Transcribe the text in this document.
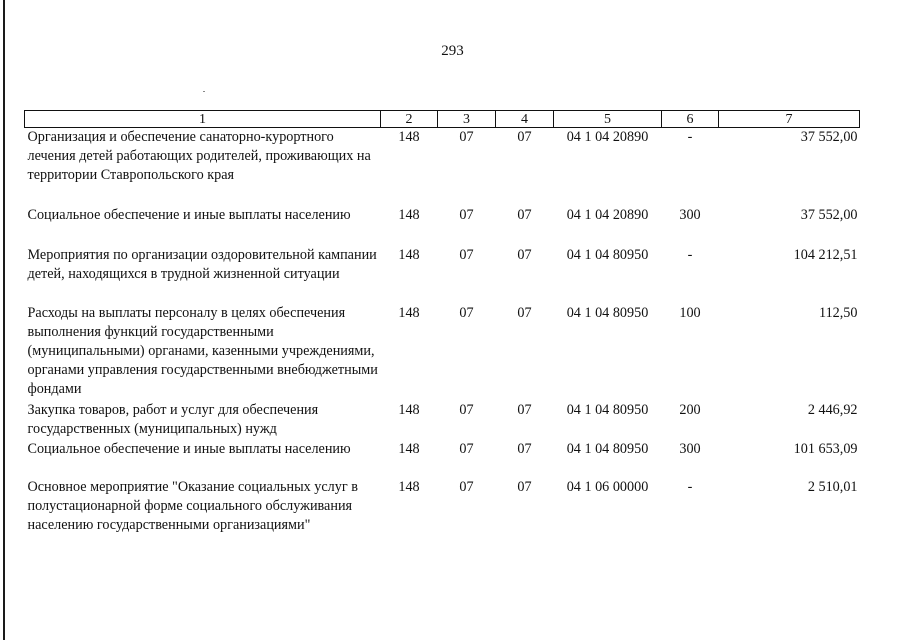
293
1	2	3	4	5	6	7
Организация и обеспечение санаторно-курортного лечения детей работающих родителей, проживающих на территории Ставропольского края	148	07	07	04 1 04 20890	-	37 552,00
Социальное обеспечение и иные выплаты населению	148	07	07	04 1 04 20890	300	37 552,00
Мероприятия по организации оздоровительной кампании детей, находящихся в трудной жизненной ситуации	148	07	07	04 1 04 80950	-	104 212,51
Расходы на выплаты персоналу в целях обеспечения выполнения функций государственными (муниципальными) органами, казенными учреждениями, органами управления государственными внебюджетными фондами	148	07	07	04 1 04 80950	100	112,50
Закупка товаров, работ и услуг для обеспечения государственных (муниципальных) нужд	148	07	07	04 1 04 80950	200	2 446,92
Социальное обеспечение и иные выплаты населению	148	07	07	04 1 04 80950	300	101 653,09
Основное мероприятие "Оказание социальных услуг в полустационарной форме социального обслуживания населению государственными организациями"	148	07	07	04 1 06 00000	-	2 510,01
